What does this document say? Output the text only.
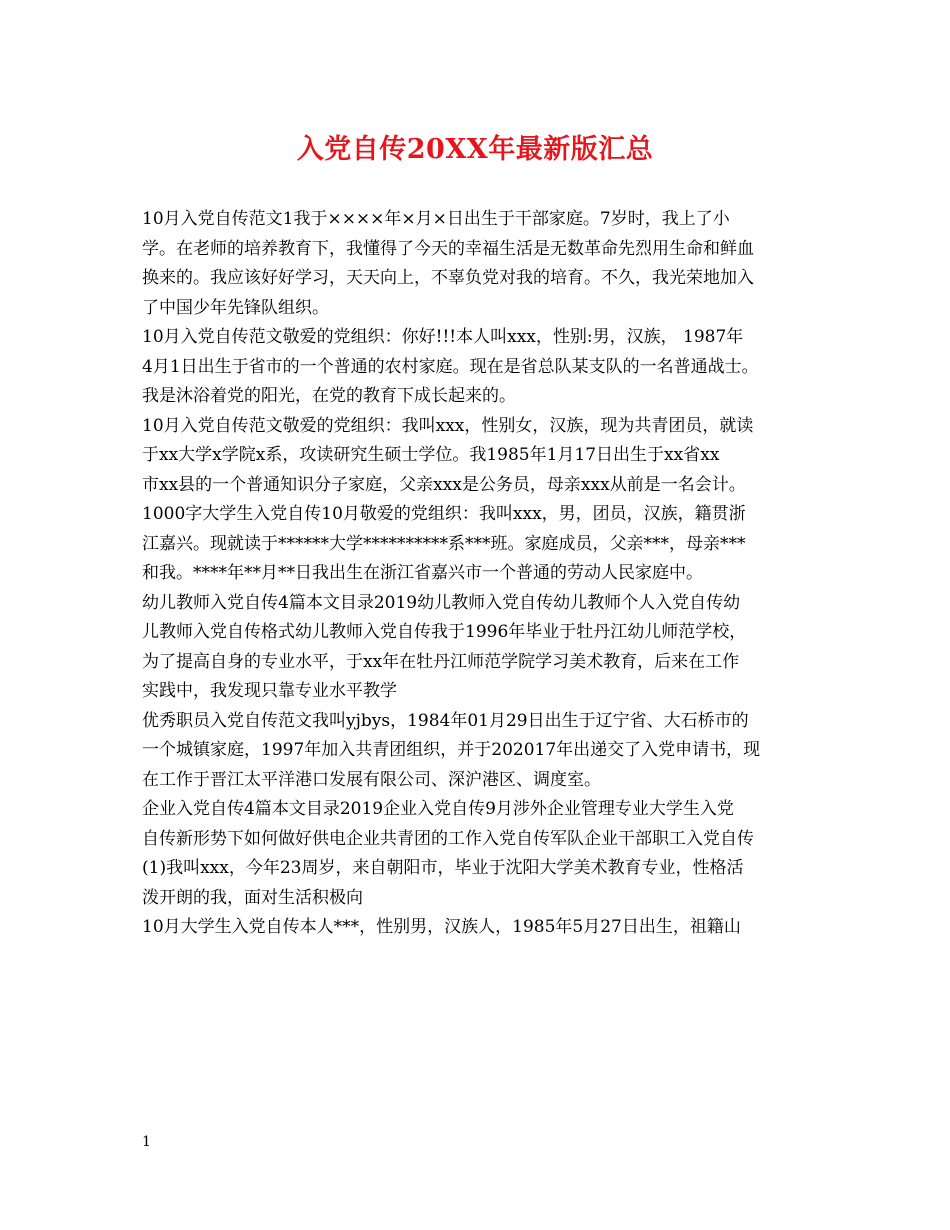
入党自传20XX年最新版汇总
10月入党自传范文1我于××××年×月×日出生于干部家庭。7岁时，我上了小
学。在老师的培养教育下，我懂得了今天的幸福生活是无数革命先烈用生命和鲜血
换来的。我应该好好学习，天天向上，不辜负党对我的培育。不久，我光荣地加入
了中国少年先锋队组织。
10月入党自传范文敬爱的党组织：你好!!!本人叫xxx，性别:男，汉族， 1987年
4月1日出生于省市的一个普通的农村家庭。现在是省总队某支队的一名普通战士。
我是沐浴着党的阳光，在党的教育下成长起来的。
10月入党自传范文敬爱的党组织：我叫xxx，性别女，汉族，现为共青团员，就读
于xx大学x学院x系，攻读研究生硕士学位。我1985年1月17日出生于xx省xx
市xx县的一个普通知识分子家庭，父亲xxx是公务员，母亲xxx从前是一名会计。
1000字大学生入党自传10月敬爱的党组织：我叫xxx，男，团员，汉族，籍贯浙
江嘉兴。现就读于******大学**********系***班。家庭成员，父亲***，母亲***
和我。****年**月**日我出生在浙江省嘉兴市一个普通的劳动人民家庭中。
幼儿教师入党自传4篇本文目录2019幼儿教师入党自传幼儿教师个人入党自传幼
儿教师入党自传格式幼儿教师入党自传我于1996年毕业于牡丹江幼儿师范学校，
为了提高自身的专业水平，于xx年在牡丹江师范学院学习美术教育，后来在工作
实践中，我发现只靠专业水平教学
优秀职员入党自传范文我叫yjbys，1984年01月29日出生于辽宁省、大石桥市的
一个城镇家庭，1997年加入共青团组织，并于202017年出递交了入党申请书，现
在工作于晋江太平洋港口发展有限公司、深沪港区、调度室。
企业入党自传4篇本文目录2019企业入党自传9月涉外企业管理专业大学生入党
自传新形势下如何做好供电企业共青团的工作入党自传军队企业干部职工入党自传
(1)我叫xxx，今年23周岁，来自朝阳市，毕业于沈阳大学美术教育专业，性格活
泼开朗的我，面对生活积极向
10月大学生入党自传本人***，性别男，汉族人，1985年5月27日出生，祖籍山
1
